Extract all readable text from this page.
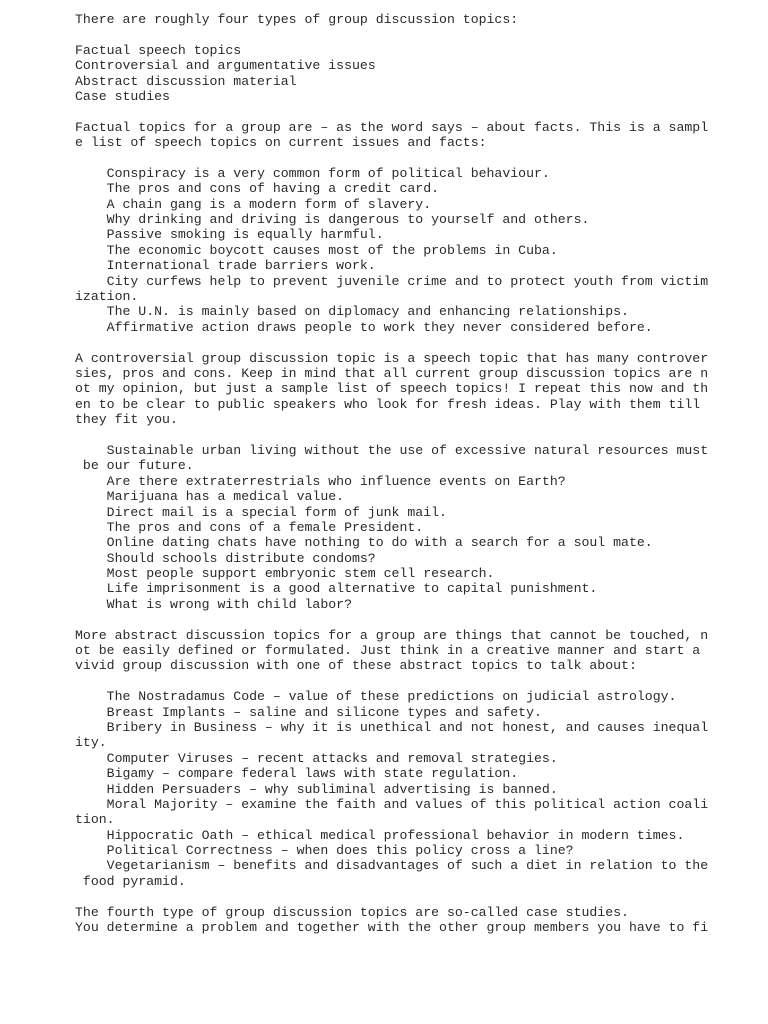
There are roughly four types of group discussion topics:
Factual speech topics
Controversial and argumentative issues
Abstract discussion material
Case studies
Factual topics for a group are – as the word says – about facts. This is a sampl
e list of speech topics on current issues and facts:
Conspiracy is a very common form of political behaviour.
The pros and cons of having a credit card.
A chain gang is a modern form of slavery.
Why drinking and driving is dangerous to yourself and others.
Passive smoking is equally harmful.
The economic boycott causes most of the problems in Cuba.
International trade barriers work.
City curfews help to prevent juvenile crime and to protect youth from victim
ization.
The U.N. is mainly based on diplomacy and enhancing relationships.
Affirmative action draws people to work they never considered before.
A controversial group discussion topic is a speech topic that has many controver
sies, pros and cons. Keep in mind that all current group discussion topics are n
ot my opinion, but just a sample list of speech topics! I repeat this now and th
en to be clear to public speakers who look for fresh ideas. Play with them till
they fit you.
Sustainable urban living without the use of excessive natural resources must
be our future.
Are there extraterrestrials who influence events on Earth?
Marijuana has a medical value.
Direct mail is a special form of junk mail.
The pros and cons of a female President.
Online dating chats have nothing to do with a search for a soul mate.
Should schools distribute condoms?
Most people support embryonic stem cell research.
Life imprisonment is a good alternative to capital punishment.
What is wrong with child labor?
More abstract discussion topics for a group are things that cannot be touched, n
ot be easily defined or formulated. Just think in a creative manner and start a
vivid group discussion with one of these abstract topics to talk about:
The Nostradamus Code – value of these predictions on judicial astrology.
Breast Implants – saline and silicone types and safety.
Bribery in Business – why it is unethical and not honest, and causes inequal
ity.
Computer Viruses – recent attacks and removal strategies.
Bigamy – compare federal laws with state regulation.
Hidden Persuaders – why subliminal advertising is banned.
Moral Majority – examine the faith and values of this political action coali
tion.
Hippocratic Oath – ethical medical professional behavior in modern times.
Political Correctness – when does this policy cross a line?
Vegetarianism – benefits and disadvantages of such a diet in relation to the
food pyramid.
The fourth type of group discussion topics are so-called case studies.
You determine a problem and together with the other group members you have to fi
